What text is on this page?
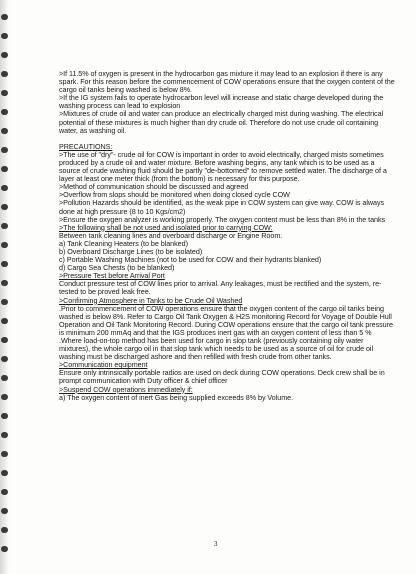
>If 11.5% of oxygen is present in the hydrocarbon gas mixture it may lead to an explosion if there is any spark. For this reason before the commencement of COW operations ensure that the oxygen content of the cargo oil tanks being washed is below 8%.

>If the IG system fails to operate hydrocarbon level will increase and static charge developed during the washing process can lead to explosion

>Mixtures of crude oil and water can produce an electrically charged mist during washing. The electrical potential of these mixtures is much higher than dry crude oil. Therefore do not use crude oil containing water, as washing oil.

PRECAUTIONS:

>The use of "dry"- crude oil for COW is important in order to avoid electrically, charged mists sometimes produced by a crude oil and water mixture. Before washing begins, any tank which is to be used as a source of crude washing fluid should be partly "de-bottomed" to remove settled water. The discharge of a layer at least one meter thick (from the bottom) is necessary for this purpose.

>Method of communication should be discussed and agreed

>Overflow from slops should be monitored when doing closed cycle COW

>Pollution Hazards should be identified, as the weak pipe in COW system can give way. COW is always done at high pressure (8 to 10 Kgs/cm2)

>Ensure the oxygen analyzer is working properly. The oxygen content must be less than 8% in the tanks

>The following shall be not used and isolated prior to carrying COW:

Between tank cleaning lines and overboard discharge or Engine Room.

a) Tank Cleaning Heaters (to be blanked)

b) Overboard Discharge Lines (to be isolated)

c) Portable Washing Machines (not to be used for COW and their hydrants blanked)

d) Cargo Sea Chests (to be blanked)

>Pressure Test before Arrival Port

Conduct pressure test of COW lines prior to arrival. Any leakages, must be rectified and the system, re-tested to be proved leak free.

>Confirming Atmosphere in Tanks to be Crude Oil Washed

.Prior to commencement of COW operations ensure that the oxygen content of the cargo oil tanks being washed is below 8%. Refer to Cargo Oil Tank Oxygen & H2S monitoring Record for Voyage of Double Hull Operation and Oil Tank Monitoring Record. During COW operations ensure that the cargo oil tank pressure is minimum 200 mmAq and that the IGS produces inert gas with an oxygen content of less than 5 % .Where load-on-top method has been used for cargo in slop tank (previously containing oily water mixtures), the whole cargo oil in that slop tank which needs to be used as a source of oil for crude oil washing must be discharged ashore and then refilled with fresh crude from other tanks.

>Communication equipment

Ensure only intrinsically portable radios are used on deck during COW operations. Deck crew shall be in prompt communication with Duty officer & chief officer

>Suspend COW operations immediately if:

a) The oxygen content of inert Gas being supplied exceeds 8% by Volume.

3
